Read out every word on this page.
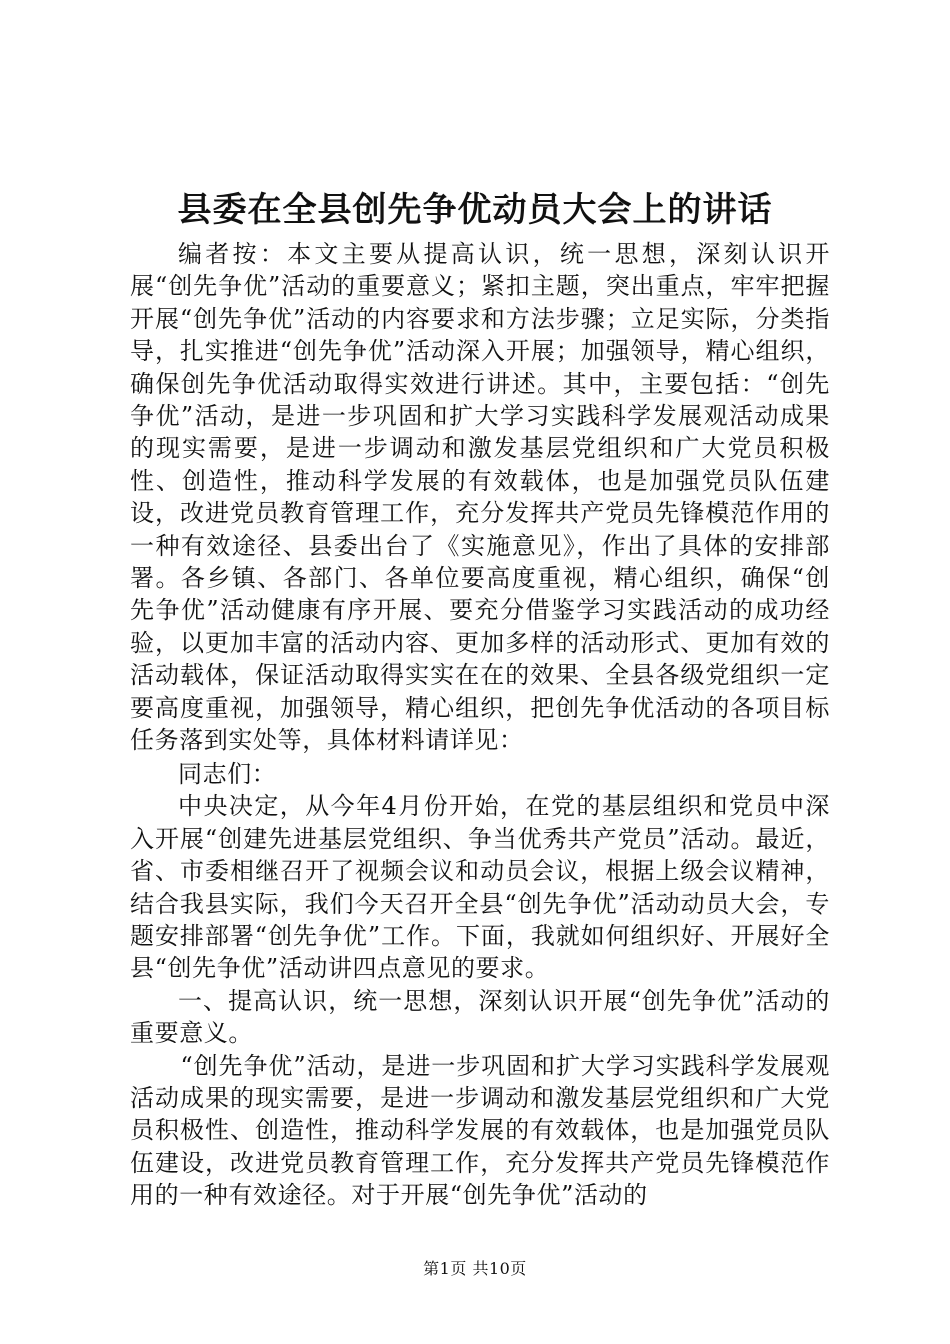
县委在全县创先争优动员大会上的讲话

编者按：本文主要从提高认识，统一思想，深刻认识开展“创先争优”活动的重要意义；紧扣主题，突出重点，牢牢把握开展“创先争优”活动的内容要求和方法步骤；立足实际，分类指导，扎实推进“创先争优”活动深入开展；加强领导，精心组织，确保创先争优活动取得实效进行讲述。其中，主要包括：“创先争优”活动，是进一步巩固和扩大学习实践科学发展观活动成果的现实需要，是进一步调动和激发基层党组织和广大党员积极性、创造性，推动科学发展的有效载体，也是加强党员队伍建设，改进党员教育管理工作，充分发挥共产党员先锋模范作用的一种有效途径、县委出台了《实施意见》，作出了具体的安排部署。各乡镇、各部门、各单位要高度重视，精心组织，确保“创先争优”活动健康有序开展、要充分借鉴学习实践活动的成功经验，以更加丰富的活动内容、更加多样的活动形式、更加有效的活动载体，保证活动取得实实在在的效果、全县各级党组织一定要高度重视，加强领导，精心组织，把创先争优活动的各项目标任务落到实处等，具体材料请详见：

同志们：

中央决定，从今年4月份开始，在党的基层组织和党员中深入开展“创建先进基层党组织、争当优秀共产党员”活动。最近，省、市委相继召开了视频会议和动员会议，根据上级会议精神，结合我县实际，我们今天召开全县“创先争优”活动动员大会，专题安排部署“创先争优”工作。下面，我就如何组织好、开展好全县“创先争优”活动讲四点意见的要求。

一、提高认识，统一思想，深刻认识开展“创先争优”活动的重要意义。

“创先争优”活动，是进一步巩固和扩大学习实践科学发展观活动成果的现实需要，是进一步调动和激发基层党组织和广大党员积极性、创造性，推动科学发展的有效载体，也是加强党员队伍建设，改进党员教育管理工作，充分发挥共产党员先锋模范作用的一种有效途径。对于开展“创先争优”活动的

第1页 共10页
